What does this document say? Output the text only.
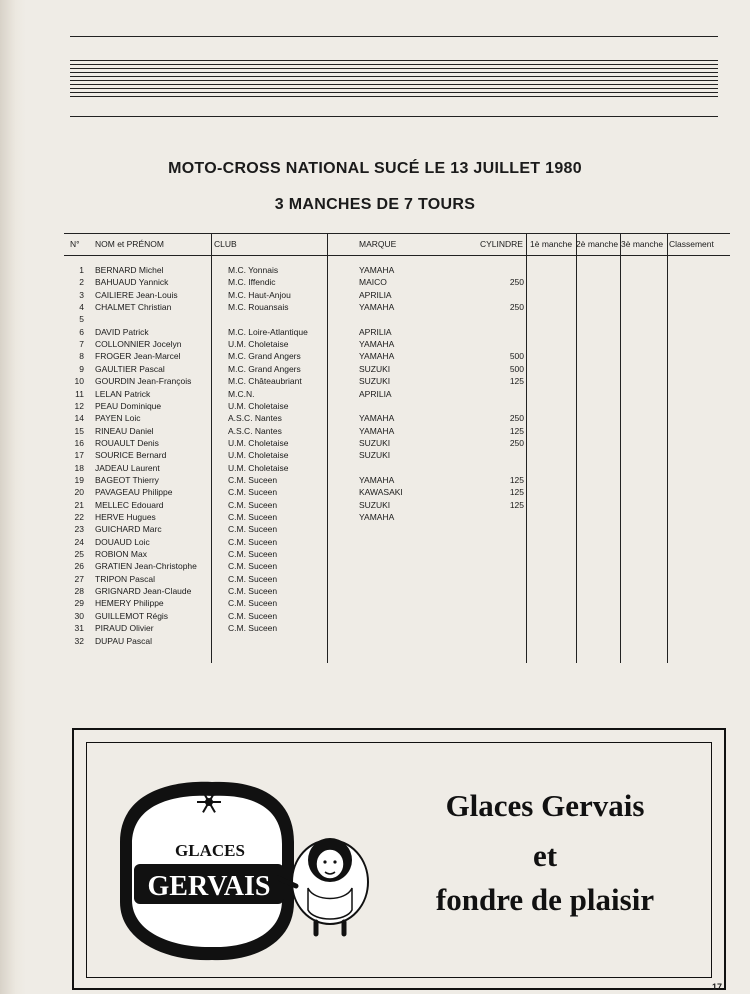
MOTO-CROSS NATIONAL SUCÉ LE 13 JUILLET 1980
3 MANCHES DE 7 TOURS
N° NOM et PRÉNOM	CLUB	MARQUE	CYLINDRE 1è manche 2è manche 3è manche Classement
1 BERNARD Michel	M.C. Yonnais	YAMAHA
2 BAHUAUD Yannick	M.C. Iffendic	MAICO	250
3 CAILIERE Jean-Louis	M.C. Haut-Anjou	APRILIA
4 CHALMET Christian	M.C. Rouansais	YAMAHA	250
5
6 DAVID Patrick	M.C. Loire-Atlantique	APRILIA
7 COLLONNIER Jocelyn	U.M. Choletaise	YAMAHA
8 FROGER Jean-Marcel	M.C. Grand Angers	YAMAHA	500
9 GAULTIER Pascal	M.C. Grand Angers	SUZUKI	500
10 GOURDIN Jean-François	M.C. Châteaubriant	SUZUKI	125
11 LELAN Patrick	M.C.N.	APRILIA
12 PEAU Dominique	U.M. Choletaise
14 PAYEN Loic	A.S.C. Nantes	YAMAHA	250
15 RINEAU Daniel	A.S.C. Nantes	YAMAHA	125
16 ROUAULT Denis	U.M. Choletaise	SUZUKI	250
17 SOURICE Bernard	U.M. Choletaise	SUZUKI
18 JADEAU Laurent	U.M. Choletaise
19 BAGEOT Thierry	C.M. Suceen	YAMAHA	125
20 PAVAGEAU Philippe	C.M. Suceen	KAWASAKI	125
21 MELLEC Edouard	C.M. Suceen	SUZUKI	125
22 HERVE Hugues	C.M. Suceen	YAMAHA
23 GUICHARD Marc	C.M. Suceen
24 DOUAUD Loic	C.M. Suceen
25 ROBION Max	C.M. Suceen
26 GRATIEN Jean-Christophe	C.M. Suceen
27 TRIPON Pascal	C.M. Suceen
28 GRIGNARD Jean-Claude	C.M. Suceen
29 HEMERY Philippe	C.M. Suceen
30 GUILLEMOT Régis	C.M. Suceen
31 PIRAUD Olivier	C.M. Suceen
32 DUPAU Pascal
GLACES
GERVAIS
Glaces Gervais
et
fondre de plaisir
17
